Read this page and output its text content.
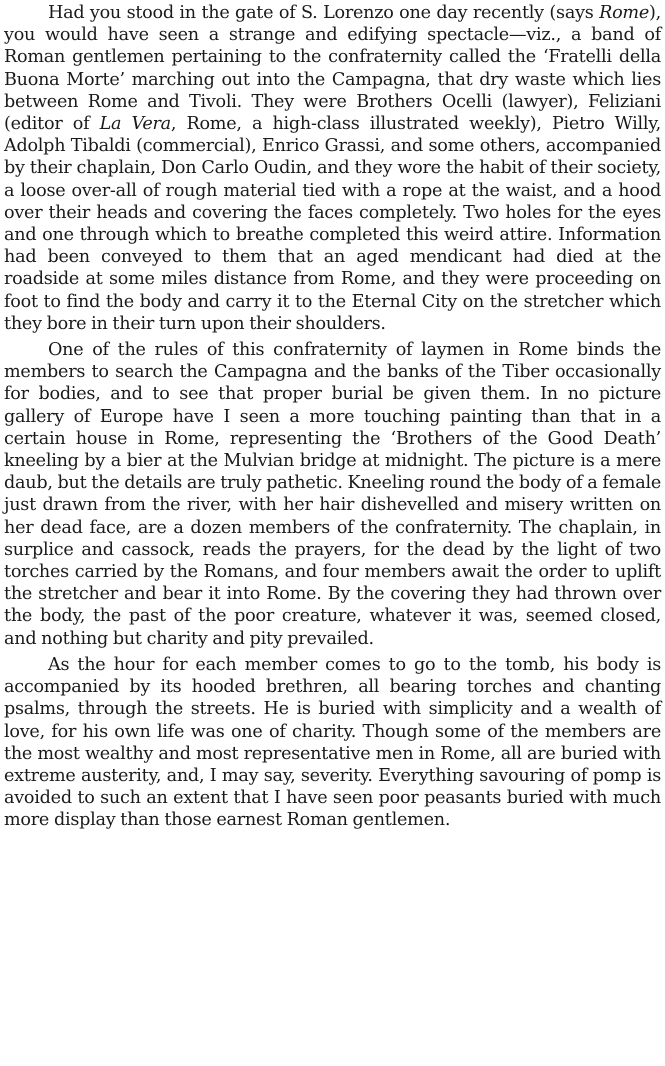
Had you stood in the gate of S. Lorenzo one day recently (says Rome), you would have seen a strange and edifying spectacle—viz., a band of Roman gentlemen pertaining to the confraternity called the ‘Fratelli della Buona Morte’ marching out into the Campagna, that dry waste which lies between Rome and Tivoli. They were Brothers Ocelli (lawyer), Feliziani (editor of La Vera, Rome, a high-class illustrated weekly), Pietro Willy, Adolph Tibaldi (commercial), Enrico Grassi, and some others, accompanied by their chaplain, Don Carlo Oudin, and they wore the habit of their society, a loose over-all of rough material tied with a rope at the waist, and a hood over their heads and covering the faces completely. Two holes for the eyes and one through which to breathe completed this weird attire. Information had been conveyed to them that an aged mendicant had died at the roadside at some miles distance from Rome, and they were proceeding on foot to find the body and carry it to the Eternal City on the stretcher which they bore in their turn upon their shoulders.

One of the rules of this confraternity of laymen in Rome binds the members to search the Campagna and the banks of the Tiber occasionally for bodies, and to see that proper burial be given them. In no picture gallery of Europe have I seen a more touching painting than that in a certain house in Rome, representing the ‘Brothers of the Good Death’ kneeling by a bier at the Mulvian bridge at midnight. The picture is a mere daub, but the details are truly pathetic. Kneeling round the body of a female just drawn from the river, with her hair dishevelled and misery written on her dead face, are a dozen members of the confraternity. The chaplain, in surplice and cassock, reads the prayers, for the dead by the light of two torches carried by the Romans, and four members await the order to uplift the stretcher and bear it into Rome. By the covering they had thrown over the body, the past of the poor creature, whatever it was, seemed closed, and nothing but charity and pity prevailed.

As the hour for each member comes to go to the tomb, his body is accompanied by its hooded brethren, all bearing torches and chanting psalms, through the streets. He is buried with simplicity and a wealth of love, for his own life was one of charity. Though some of the members are the most wealthy and most representative men in Rome, all are buried with extreme austerity, and, I may say, severity. Everything savouring of pomp is avoided to such an extent that I have seen poor peasants buried with much more display than those earnest Roman gentlemen.
